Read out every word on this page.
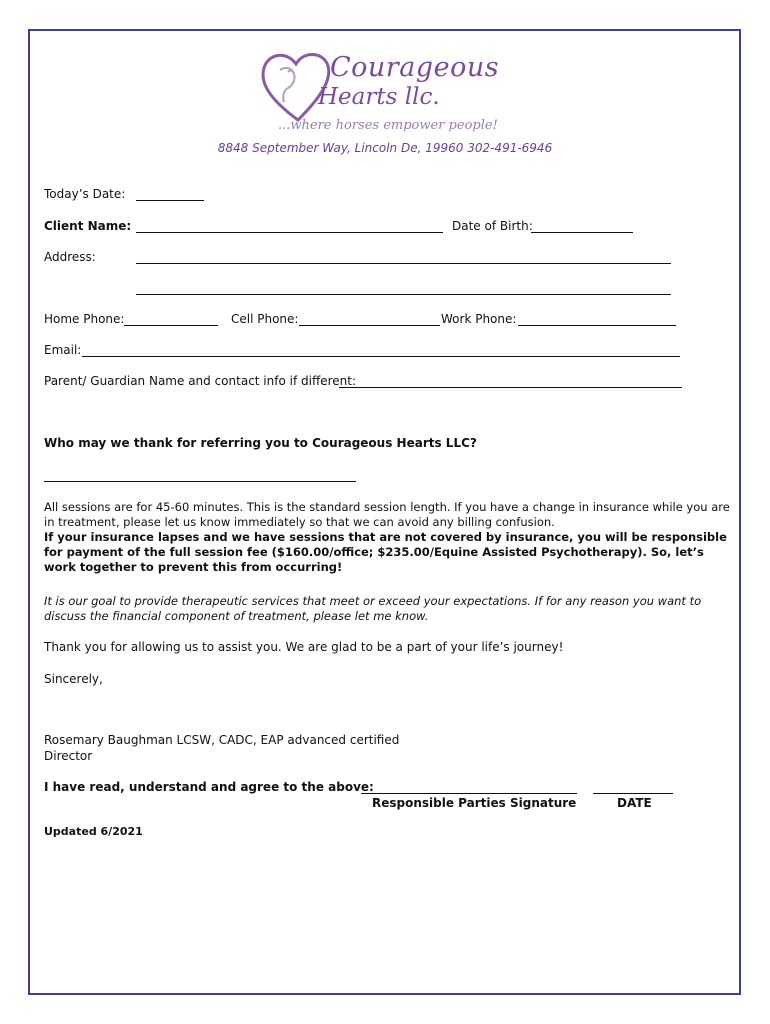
Courageous
Hearts llc.
...where horses empower people!
8848 September Way, Lincoln De, 19960 302-491-6946
Today’s Date:
Client Name:	Date of Birth:
Address:
Home Phone:	Cell Phone:	Work Phone:
Email:
Parent/ Guardian Name and contact info if different:
Who may we thank for referring you to Courageous Hearts LLC?
All sessions are for 45-60 minutes. This is the standard session length. If you have a change in insurance while you are in treatment, please let us know immediately so that we can avoid any billing confusion.
If your insurance lapses and we have sessions that are not covered by insurance, you will be responsible for payment of the full session fee ($160.00/office; $235.00/Equine Assisted Psychotherapy). So, let’s work together to prevent this from occurring!
It is our goal to provide therapeutic services that meet or exceed your expectations. If for any reason you want to discuss the financial component of treatment, please let me know.
Thank you for allowing us to assist you. We are glad to be a part of your life’s journey!
Sincerely,
Rosemary Baughman LCSW, CADC, EAP advanced certified
Director
I have read, understand and agree to the above:
Responsible Parties Signature	DATE
Updated 6/2021
